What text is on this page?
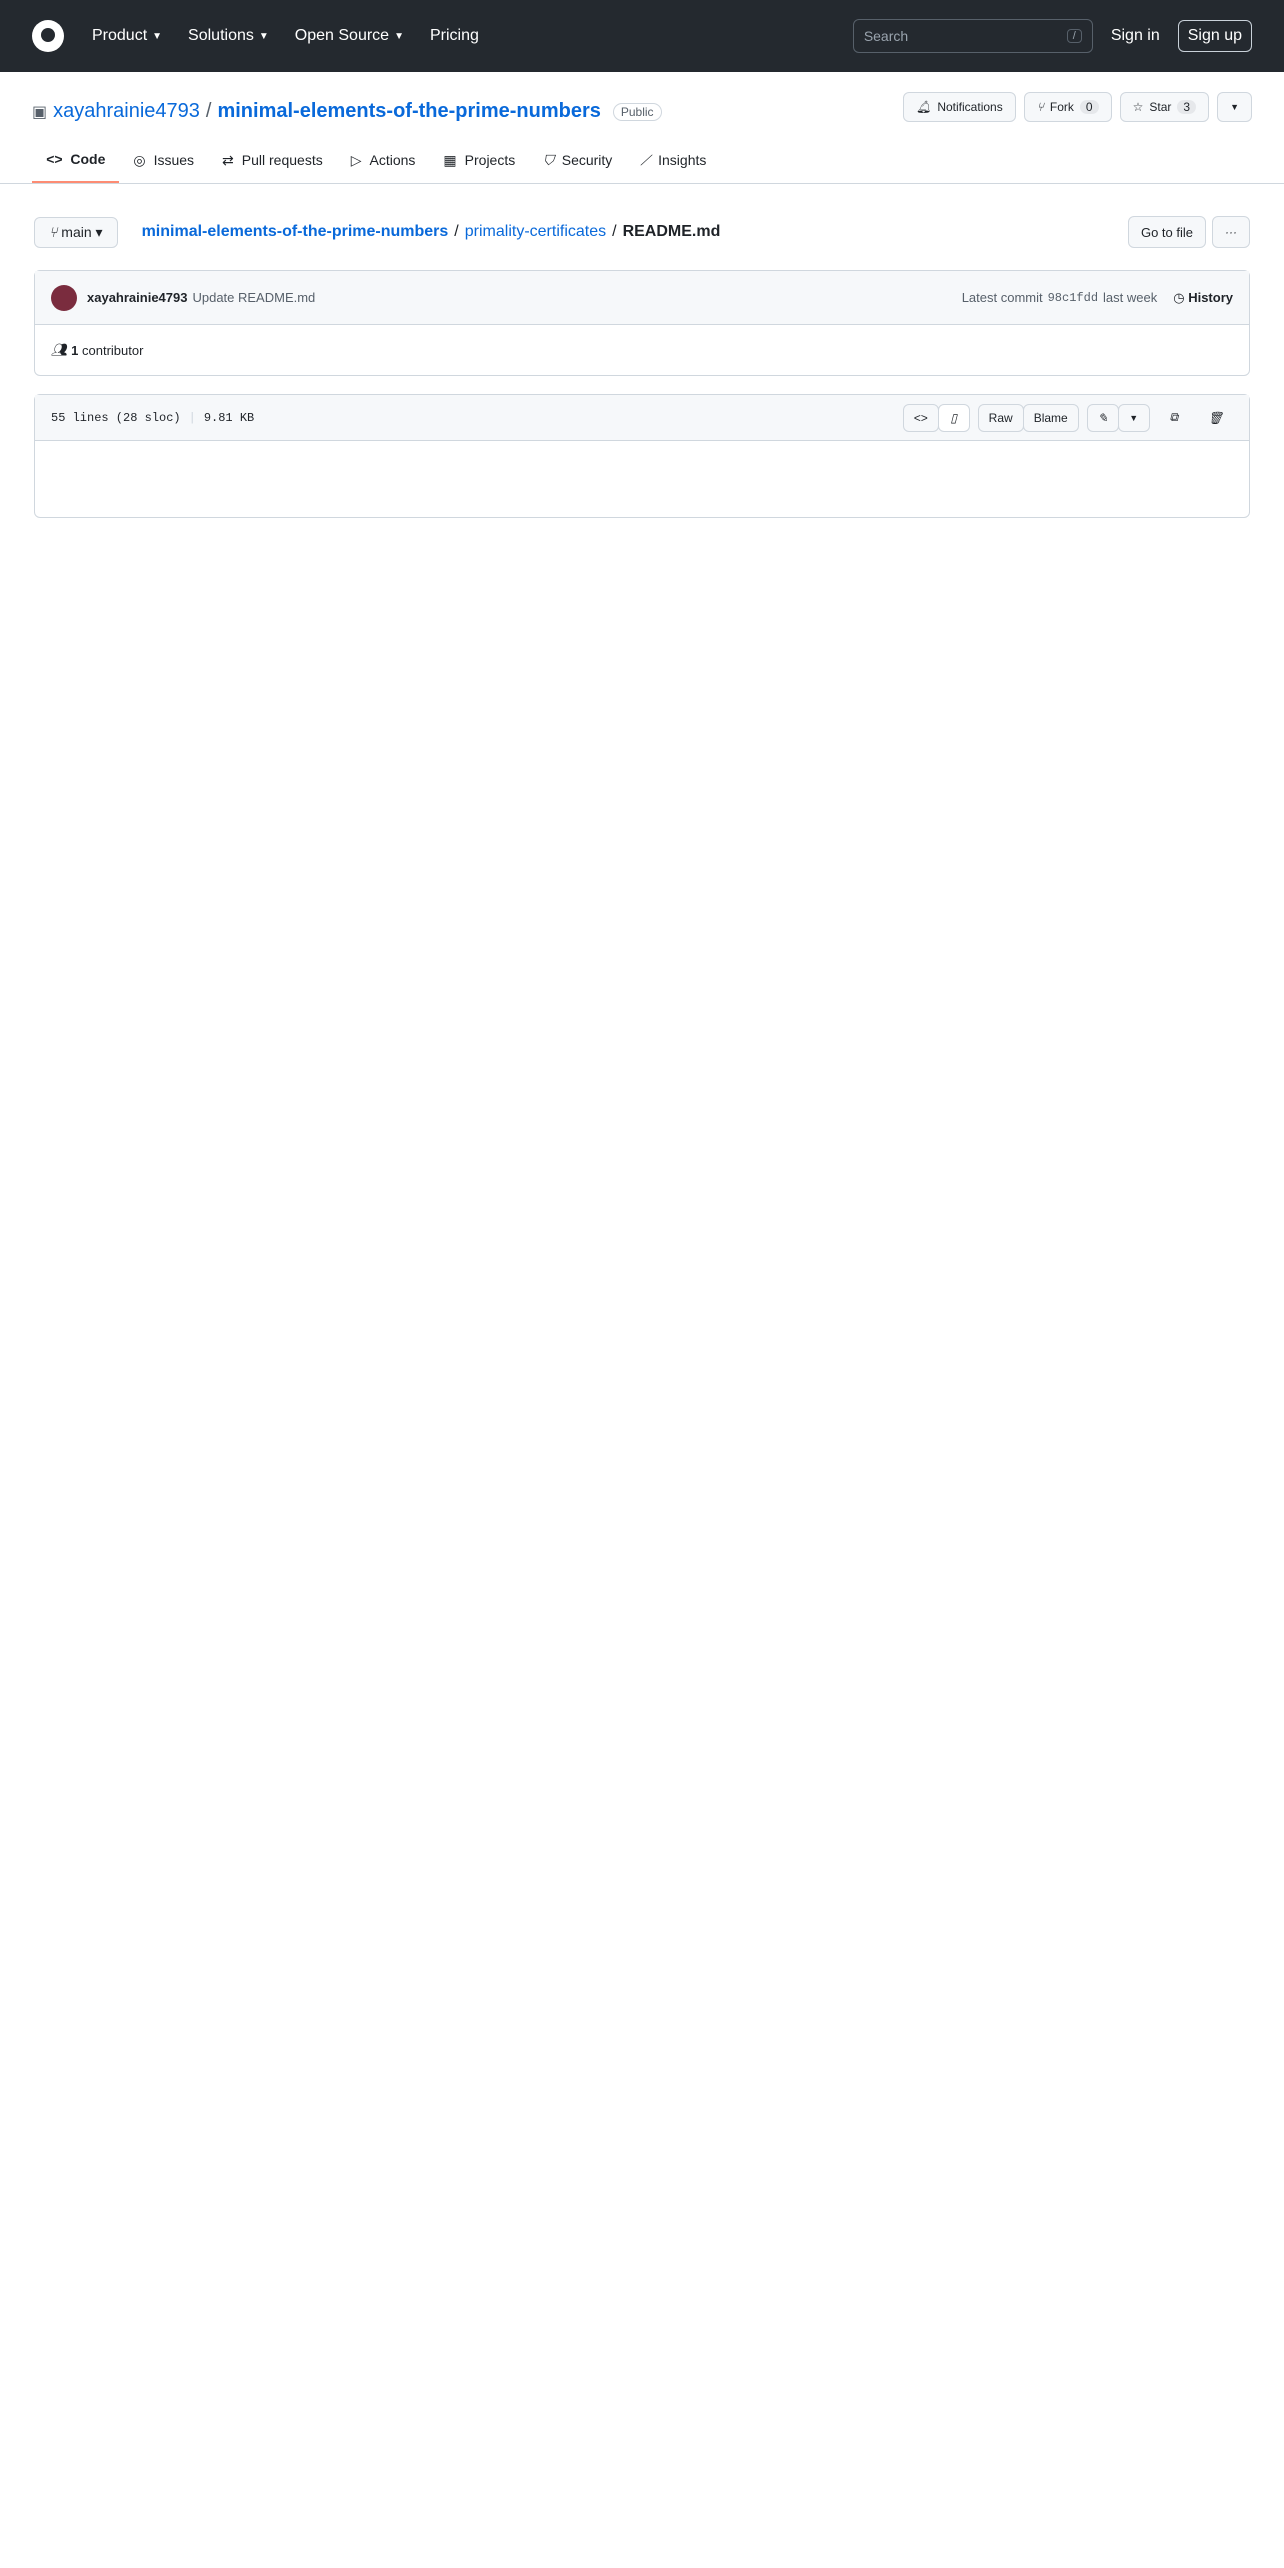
Product ▼ Solutions ▼ Open Source ▼ Pricing	Search	/	Sign in	Sign up
▣ xayahrainie4793 / minimal-elements-of-the-prime-numbers	Public	🔔︎ Notifications	⑂ Fork	0	☆ Star	3	▼
<> Code ◎ Issues ⇄ Pull requests ▷ Actions ▦ Projects ⛉ Security ⟋ Insights
⑂ main ▾	minimal-elements-of-the-prime-numbers / primality-certificates / README.md	Go to file	···
xayahrainie4793 Update README.md	Latest commit 98c1fdd last week ◷ History
👥︎
1
contributor
55 lines (28 sloc) | 9.81 KB	<> ▯	Raw	Blame	✎ ▼	⧉ 🗑︎
